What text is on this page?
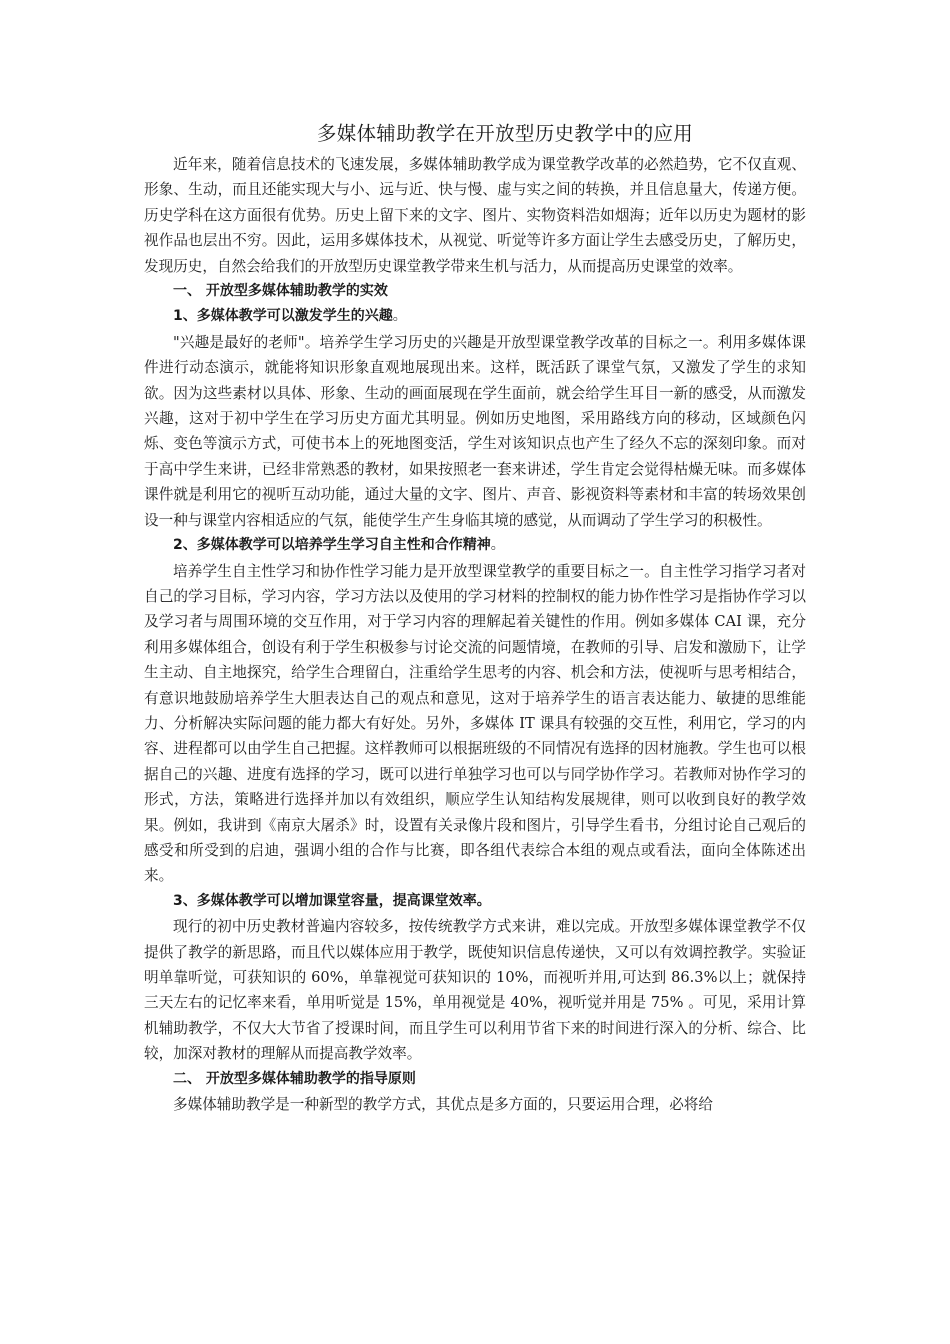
多媒体辅助教学在开放型历史教学中的应用

近年来，随着信息技术的飞速发展，多媒体辅助教学成为课堂教学改革的必然趋势，它不仅直观、形象、生动，而且还能实现大与小、远与近、快与慢、虚与实之间的转换，并且信息量大，传递方便。历史学科在这方面很有优势。历史上留下来的文字、图片、实物资料浩如烟海；近年以历史为题材的影视作品也层出不穷。因此，运用多媒体技术，从视觉、听觉等许多方面让学生去感受历史，了解历史，发现历史，自然会给我们的开放型历史课堂教学带来生机与活力，从而提高历史课堂的效率。

一、 开放型多媒体辅助教学的实效

1、多媒体教学可以激发学生的兴趣。

"兴趣是最好的老师"。培养学生学习历史的兴趣是开放型课堂教学改革的目标之一。利用多媒体课件进行动态演示，就能将知识形象直观地展现出来。这样，既活跃了课堂气氛，又激发了学生的求知欲。因为这些素材以具体、形象、生动的画面展现在学生面前，就会给学生耳目一新的感受，从而激发兴趣，这对于初中学生在学习历史方面尤其明显。例如历史地图，采用路线方向的移动，区域颜色闪烁、变色等演示方式，可使书本上的死地图变活，学生对该知识点也产生了经久不忘的深刻印象。而对于高中学生来讲，已经非常熟悉的教材，如果按照老一套来讲述，学生肯定会觉得枯燥无味。而多媒体课件就是利用它的视听互动功能，通过大量的文字、图片、声音、影视资料等素材和丰富的转场效果创设一种与课堂内容相适应的气氛，能使学生产生身临其境的感觉，从而调动了学生学习的积极性。

2、多媒体教学可以培养学生学习自主性和合作精神。

培养学生自主性学习和协作性学习能力是开放型课堂教学的重要目标之一。自主性学习指学习者对自己的学习目标，学习内容，学习方法以及使用的学习材料的控制权的能力协作性学习是指协作学习以及学习者与周围环境的交互作用，对于学习内容的理解起着关键性的作用。例如多媒体 CAI 课，充分利用多媒体组合，创设有利于学生积极参与讨论交流的问题情境，在教师的引导、启发和激励下，让学生主动、自主地探究，给学生合理留白，注重给学生思考的内容、机会和方法，使视听与思考相结合，有意识地鼓励培养学生大胆表达自己的观点和意见，这对于培养学生的语言表达能力、敏捷的思维能力、分析解决实际问题的能力都大有好处。另外，多媒体 IT 课具有较强的交互性，利用它，学习的内容、进程都可以由学生自己把握。这样教师可以根据班级的不同情况有选择的因材施教。学生也可以根据自己的兴趣、进度有选择的学习，既可以进行单独学习也可以与同学协作学习。若教师对协作学习的形式，方法，策略进行选择并加以有效组织，顺应学生认知结构发展规律，则可以收到良好的教学效果。例如，我讲到《南京大屠杀》时，设置有关录像片段和图片，引导学生看书，分组讨论自己观后的感受和所受到的启迪，强调小组的合作与比赛，即各组代表综合本组的观点或看法，面向全体陈述出来。

3、多媒体教学可以增加课堂容量，提高课堂效率。

现行的初中历史教材普遍内容较多，按传统教学方式来讲，难以完成。开放型多媒体课堂教学不仅提供了教学的新思路，而且代以媒体应用于教学，既使知识信息传递快，又可以有效调控教学。实验证明单靠听觉，可获知识的 60%，单靠视觉可获知识的 10%，而视听并用,可达到 86.3%以上；就保持三天左右的记忆率来看，单用听觉是 15%，单用视觉是 40%，视听觉并用是 75% 。可见，采用计算机辅助教学，不仅大大节省了授课时间，而且学生可以利用节省下来的时间进行深入的分析、综合、比较，加深对教材的理解从而提高教学效率。

二、 开放型多媒体辅助教学的指导原则

多媒体辅助教学是一种新型的教学方式，其优点是多方面的，只要运用合理，必将给
